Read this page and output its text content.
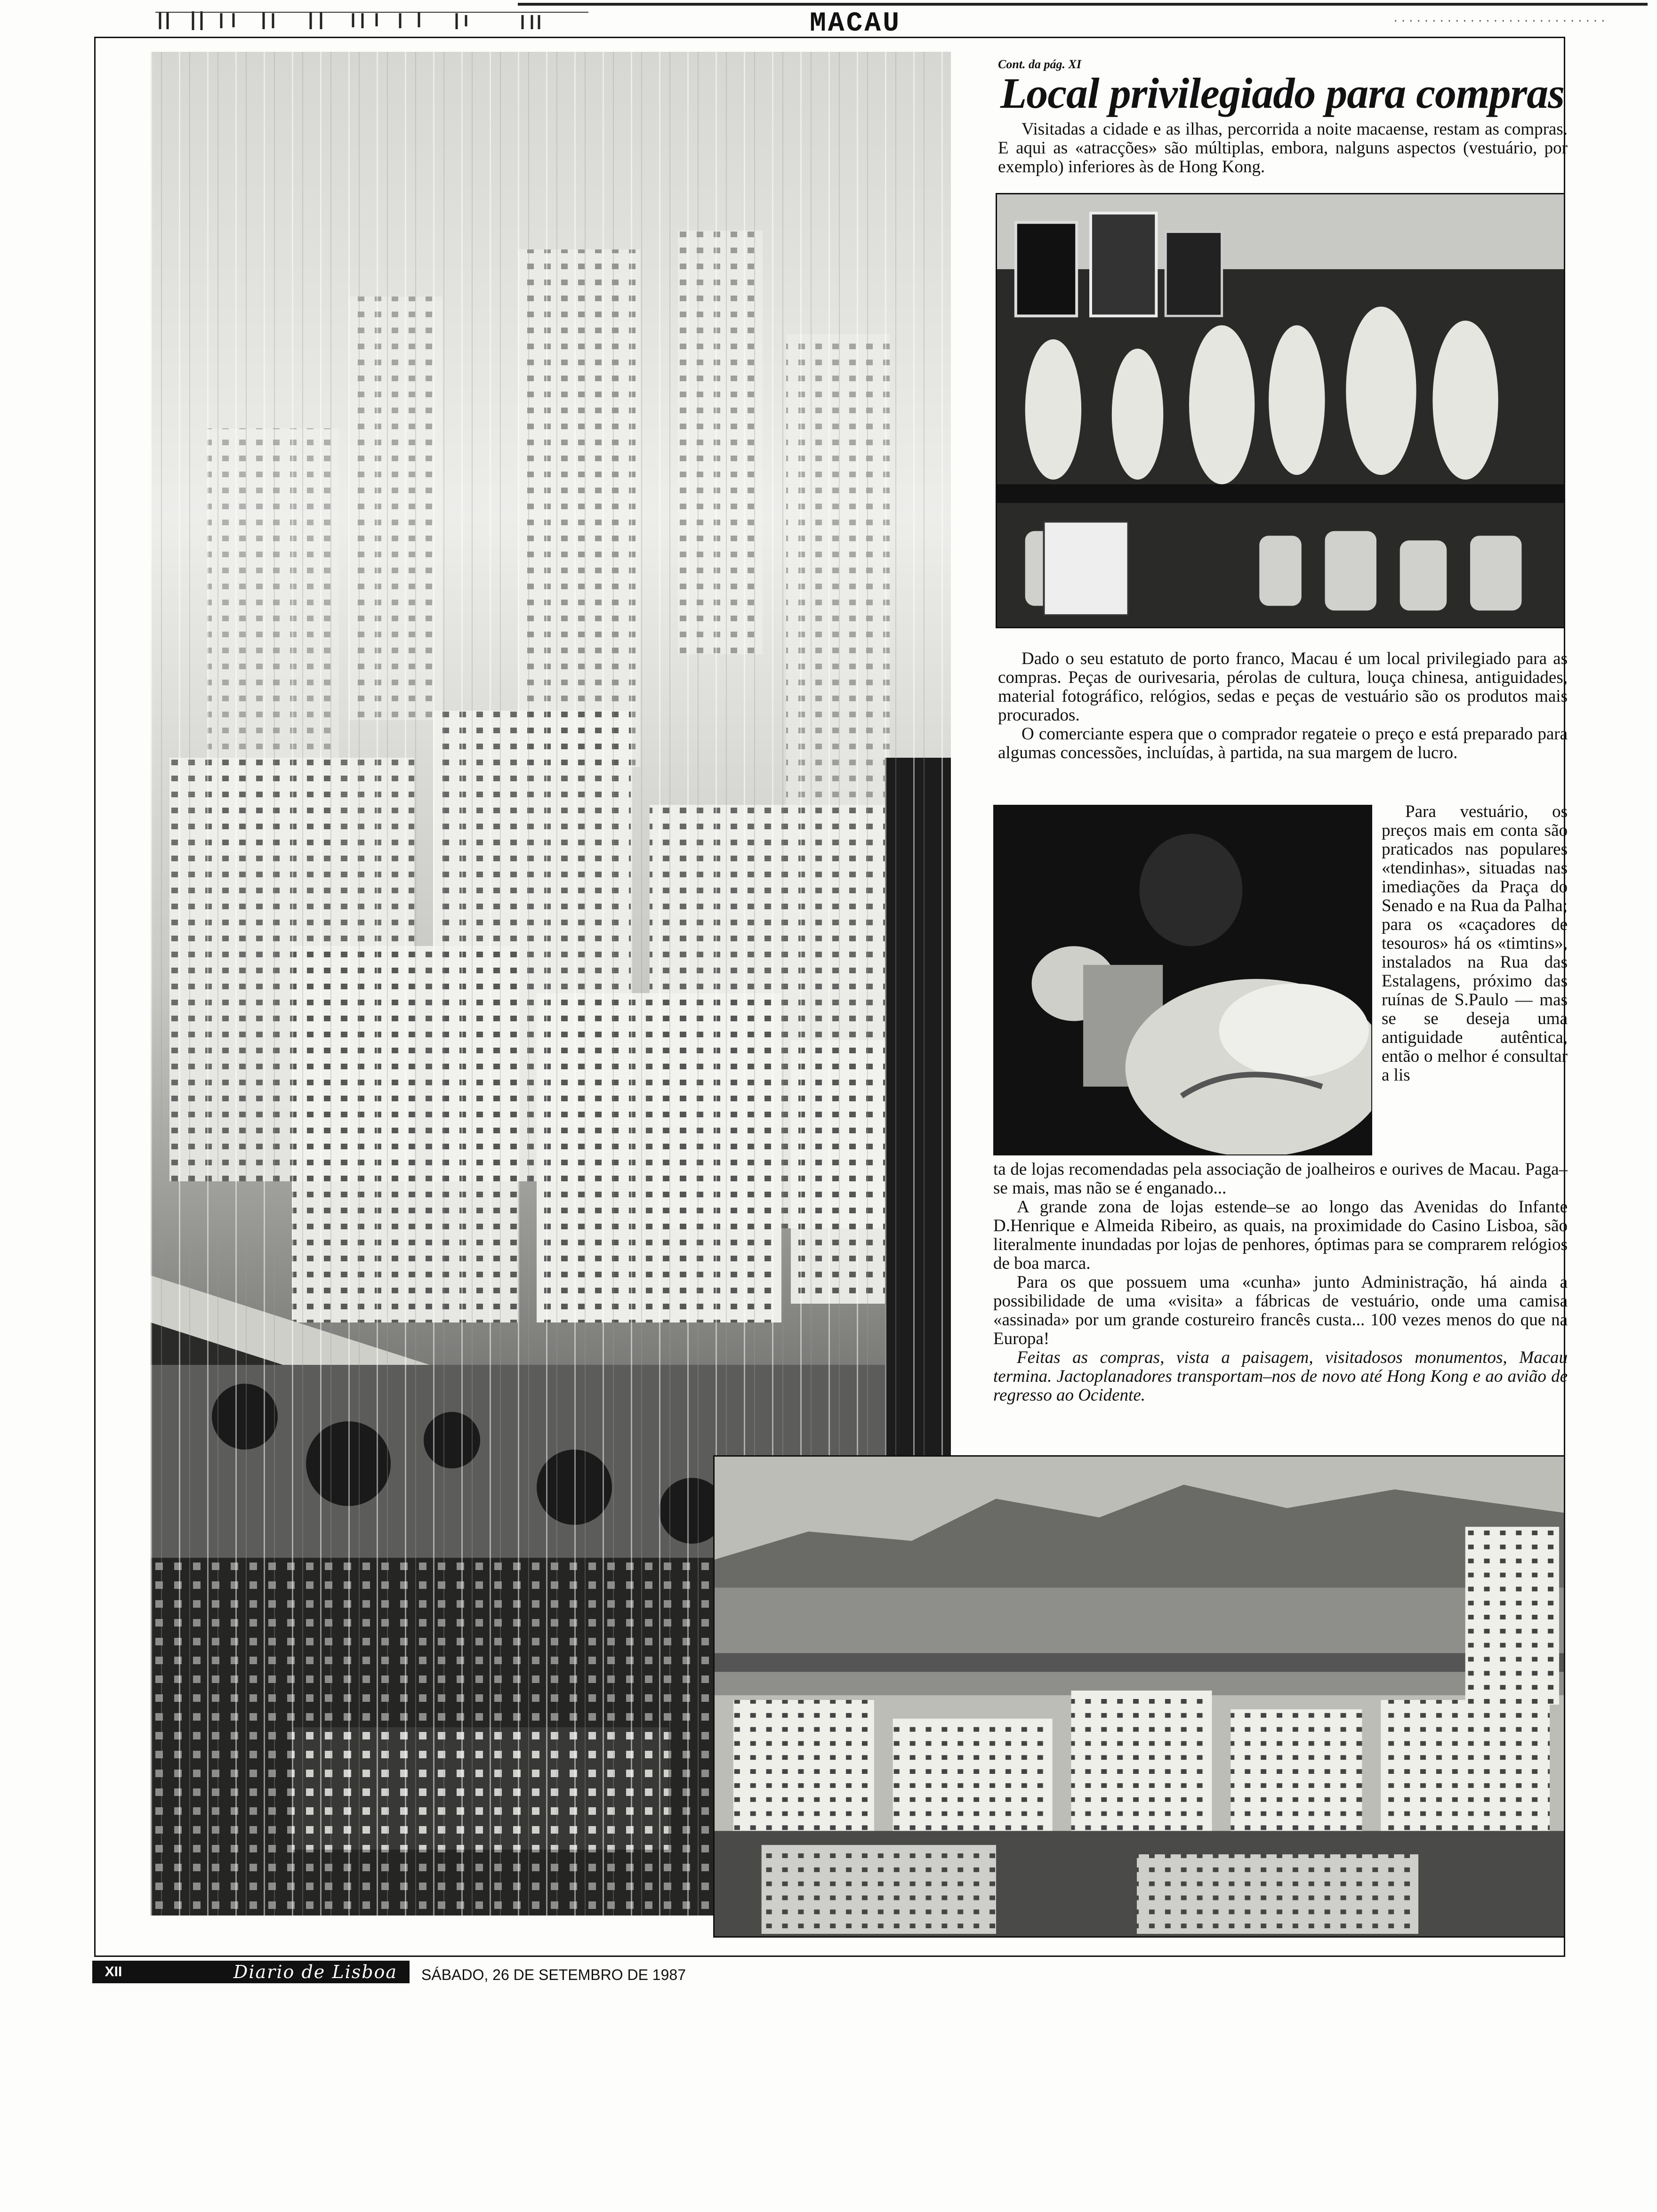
MACAU	· · · · · · · · · · · · · · · · · · · · · · · · · · · ·
Cont. da pág. XI
Local privilegiado para compras

Visitadas a cidade e as ilhas, percorrida a noite macaense, restam as compras. E aqui as «atracções» são múltiplas, embora, nalguns aspectos (vestuário, por exemplo) inferiores às de Hong Kong.

Dado o seu estatuto de porto franco, Macau é um local privilegiado para as compras. Peças de ourivesaria, pérolas de cultura, louça chinesa, antiguidades, material fotográfico, relógios, sedas e peças de vestuário são os produtos mais procurados.

O comerciante espera que o comprador regateie o preço e está preparado para algumas concessões, incluídas, à partida, na sua margem de lucro.

Para vestuário, os preços mais em conta são praticados nas populares «tendinhas», situadas nas imediações da Praça do Senado e na Rua da Palha; para os «caçadores de tesouros» há os «timtins», instalados na Rua das Estalagens, próximo das ruínas de S.Paulo — mas se se deseja uma antiguidade autêntica, então o melhor é consultar a lis

ta de lojas recomendadas pela associação de joalheiros e ourives de Macau. Paga–se mais, mas não se é enganado...

A grande zona de lojas estende–se ao longo das Avenidas do Infante D.Henrique e Almeida Ribeiro, as quais, na proximidade do Casino Lisboa, são literalmente inundadas por lojas de penhores, óptimas para se comprarem relógios de boa marca.

Para os que possuem uma «cunha» junto Administração, há ainda a possibilidade de uma «visita» a fábricas de vestuário, onde uma camisa «assinada» por um grande costureiro francês custa... 100 vezes menos do que na Europa!

Feitas as compras, vista a paisagem, visitadosos monumentos, Macau termina. Jactoplanadores transportam–nos de novo até Hong Kong e ao avião de regresso ao Ocidente.

XII	Diario de Lisboa	SÁBADO, 26 DE SETEMBRO DE 1987
